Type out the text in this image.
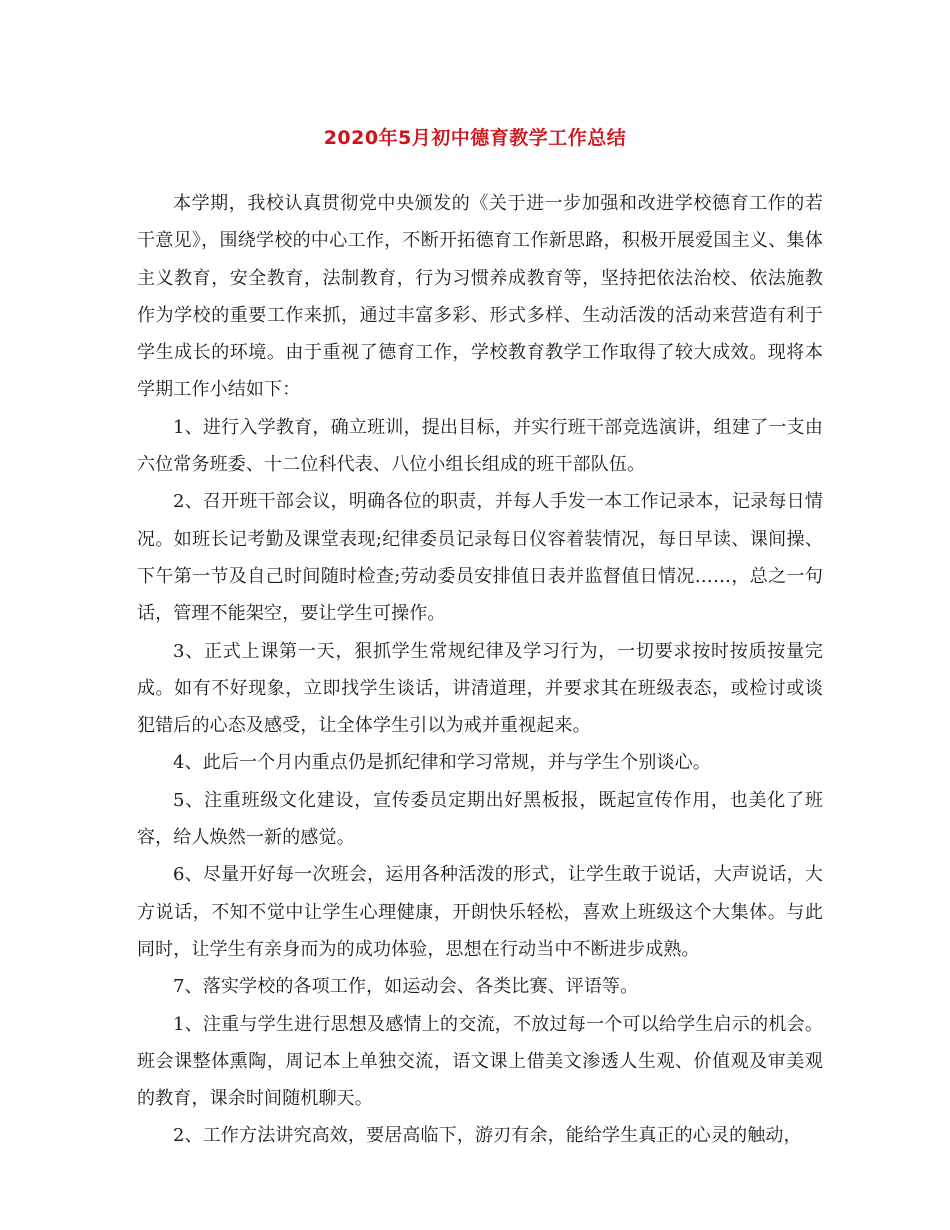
2020年5月初中德育教学工作总结

本学期，我校认真贯彻党中央颁发的《关于进一步加强和改进学校德育工作的若干意见》，围绕学校的中心工作，不断开拓德育工作新思路，积极开展爱国主义、集体主义教育，安全教育，法制教育，行为习惯养成教育等，坚持把依法治校、依法施教作为学校的重要工作来抓，通过丰富多彩、形式多样、生动活泼的活动来营造有利于学生成长的环境。由于重视了德育工作，学校教育教学工作取得了较大成效。现将本学期工作小结如下：

1、进行入学教育，确立班训，提出目标，并实行班干部竞选演讲，组建了一支由六位常务班委、十二位科代表、八位小组长组成的班干部队伍。

2、召开班干部会议，明确各位的职责，并每人手发一本工作记录本，记录每日情况。如班长记考勤及课堂表现;纪律委员记录每日仪容着装情况，每日早读、课间操、下午第一节及自己时间随时检查;劳动委员安排值日表并监督值日情况……，总之一句话，管理不能架空，要让学生可操作。

3、正式上课第一天，狠抓学生常规纪律及学习行为，一切要求按时按质按量完成。如有不好现象，立即找学生谈话，讲清道理，并要求其在班级表态，或检讨或谈犯错后的心态及感受，让全体学生引以为戒并重视起来。

4、此后一个月内重点仍是抓纪律和学习常规，并与学生个别谈心。

5、注重班级文化建设，宣传委员定期出好黑板报，既起宣传作用，也美化了班容，给人焕然一新的感觉。

6、尽量开好每一次班会，运用各种活泼的形式，让学生敢于说话，大声说话，大方说话，不知不觉中让学生心理健康，开朗快乐轻松，喜欢上班级这个大集体。与此同时，让学生有亲身而为的成功体验，思想在行动当中不断进步成熟。

7、落实学校的各项工作，如运动会、各类比赛、评语等。

1、注重与学生进行思想及感情上的交流，不放过每一个可以给学生启示的机会。班会课整体熏陶，周记本上单独交流，语文课上借美文渗透人生观、价值观及审美观的教育，课余时间随机聊天。

2、工作方法讲究高效，要居高临下，游刃有余，能给学生真正的心灵的触动，
